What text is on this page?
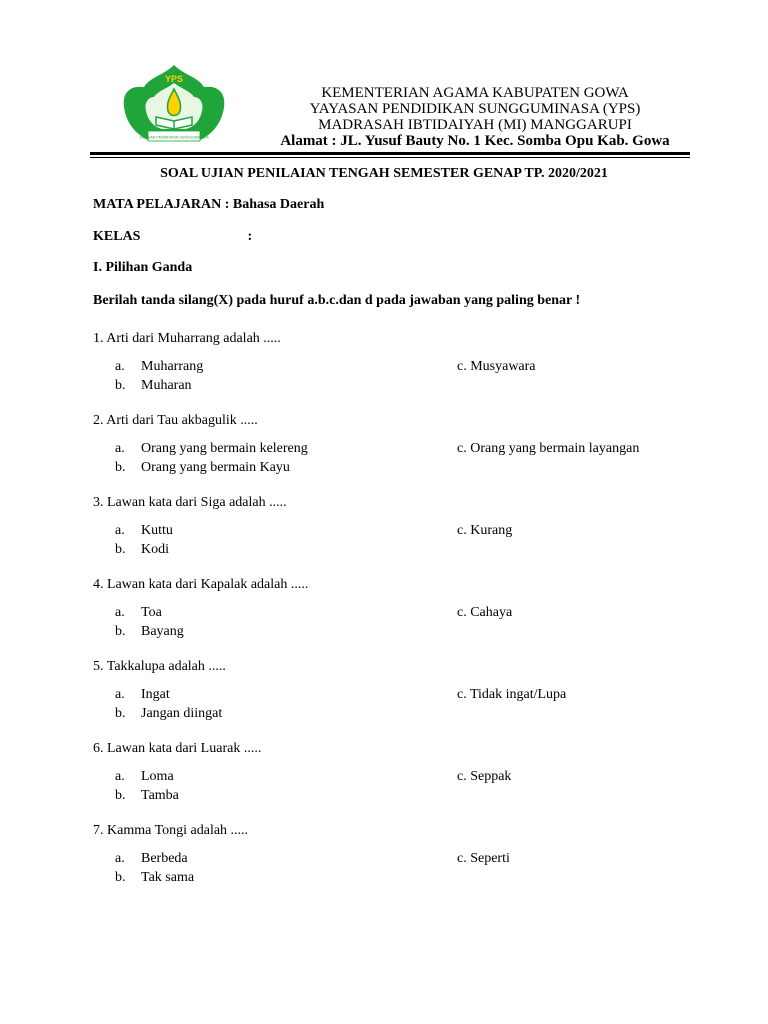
YPS
YAYASAN PENDIDIKAN SUNGGUMINASA
KEMENTERIAN AGAMA KABUPATEN GOWA
YAYASAN PENDIDIKAN SUNGGUMINASA (YPS)
MADRASAH IBTIDAIYAH (MI) MANGGARUPI
Alamat : JL. Yusuf Bauty No. 1 Kec. Somba Opu Kab. Gowa
SOAL UJIAN PENILAIAN TENGAH SEMESTER GENAP TP. 2020/2021
MATA PELAJARAN : Bahasa Daerah
KELAS	:
I. Pilihan Ganda
Berilah tanda silang(X) pada huruf a.b.c.dan d pada jawaban yang paling benar !
1. Arti dari Muharrang adalah .....
a. Muharrang
b. Muharan
c. Musyawara
2. Arti dari Tau akbagulik .....
a. Orang yang bermain kelereng
b. Orang yang bermain Kayu
c. Orang yang bermain layangan
3. Lawan kata dari Siga adalah .....
a. Kuttu
b. Kodi
c. Kurang
4. Lawan kata dari Kapalak adalah .....
a. Toa
b. Bayang
c. Cahaya
5. Takkalupa adalah .....
a. Ingat
b. Jangan diingat
c. Tidak ingat/Lupa
6. Lawan kata dari Luarak .....
a. Loma
b. Tamba
c. Seppak
7. Kamma Tongi adalah .....
a. Berbeda
b. Tak sama
c. Seperti
